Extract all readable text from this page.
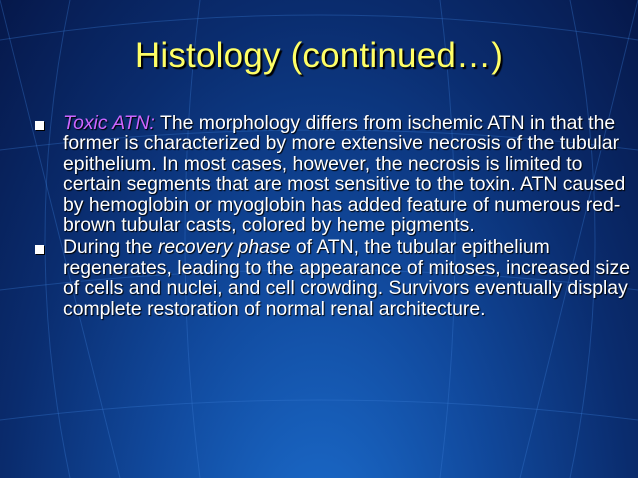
Histology (continued…)
Toxic ATN: The morphology differs from ischemic ATN in that the former is characterized by more extensive necrosis of the tubular epithelium. In most cases, however, the necrosis is limited to certain segments that are most sensitive to the toxin. ATN caused by hemoglobin or myoglobin has added feature of numerous red-brown tubular casts, colored by heme pigments.
During the recovery phase of ATN, the tubular epithelium regenerates, leading to the appearance of mitoses, increased size of cells and nuclei, and cell crowding. Survivors eventually display complete restoration of normal renal architecture.
